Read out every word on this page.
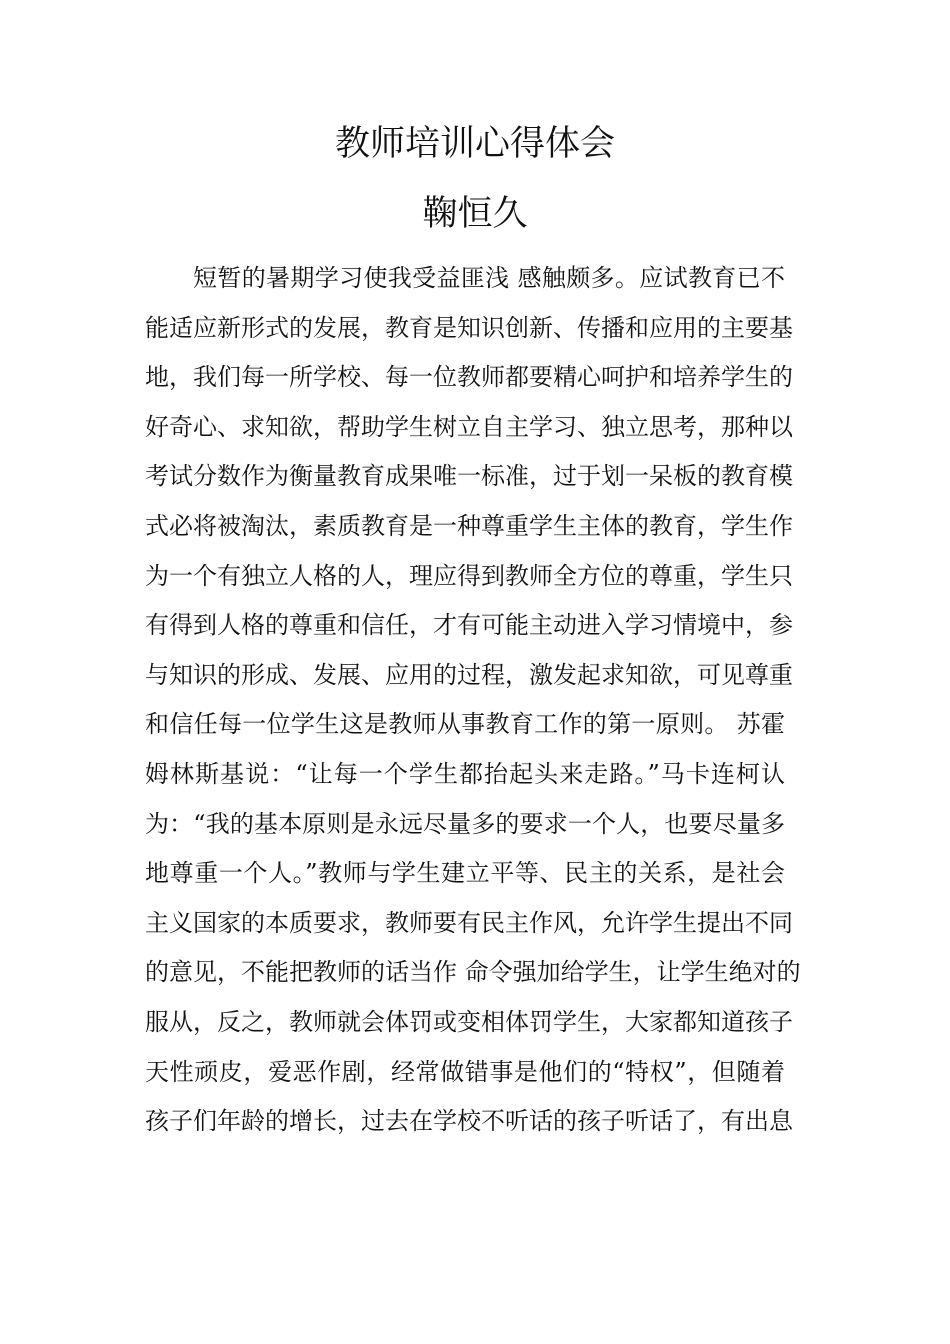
教师培训心得体会
鞠恒久
短暂的暑期学习使我受益匪浅 感触颇多。应试教育已不
能适应新形式的发展，教育是知识创新、传播和应用的主要基
地，我们每一所学校、每一位教师都要精心呵护和培养学生的
好奇心、求知欲，帮助学生树立自主学习、独立思考，那种以
考试分数作为衡量教育成果唯一标准，过于划一呆板的教育模
式必将被淘汰，素质教育是一种尊重学生主体的教育，学生作
为一个有独立人格的人，理应得到教师全方位的尊重，学生只
有得到人格的尊重和信任，才有可能主动进入学习情境中，参
与知识的形成、发展、应用的过程，激发起求知欲，可见尊重
和信任每一位学生这是教师从事教育工作的第一原则。 苏霍
姆林斯基说：“让每一个学生都抬起头来走路。”马卡连柯认
为：“我的基本原则是永远尽量多的要求一个人，也要尽量多
地尊重一个人。”教师与学生建立平等、民主的关系，是社会
主义国家的本质要求，教师要有民主作风，允许学生提出不同
的意见，不能把教师的话当作 命令强加给学生，让学生绝对的
服从，反之，教师就会体罚或变相体罚学生，大家都知道孩子
天性顽皮，爱恶作剧，经常做错事是他们的“特权”，但随着
孩子们年龄的增长，过去在学校不听话的孩子听话了，有出息
